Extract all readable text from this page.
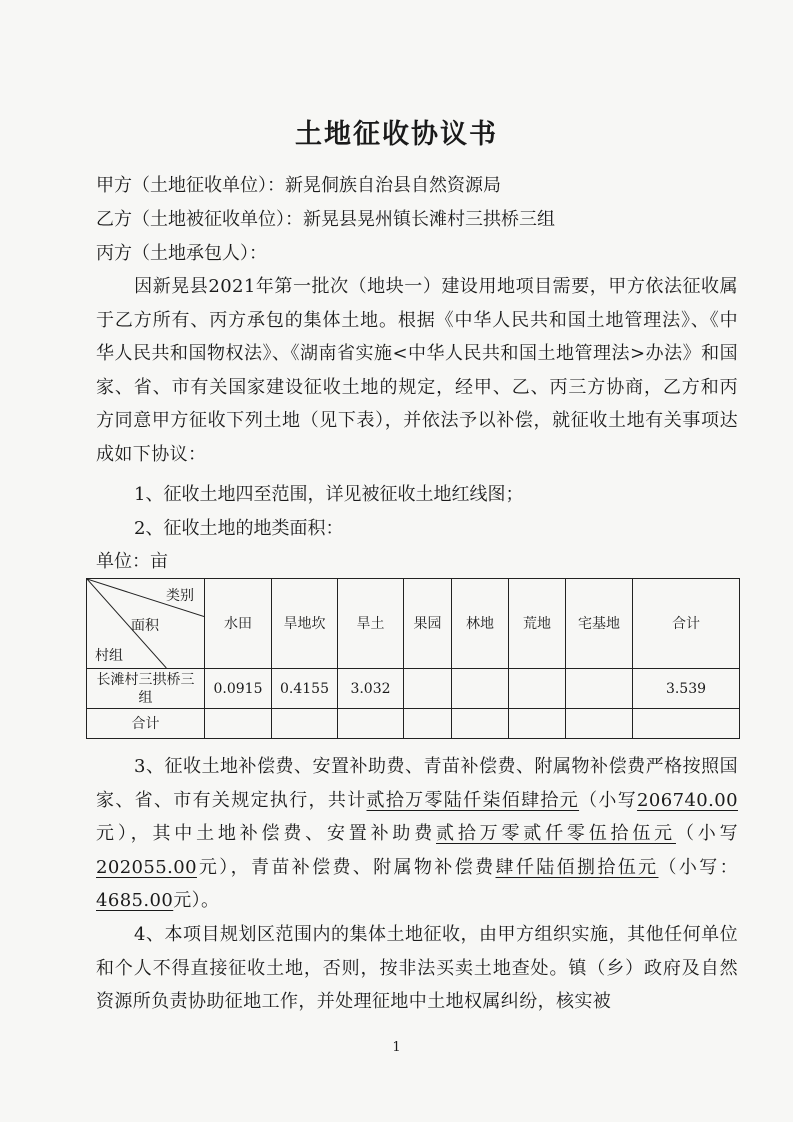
土地征收协议书
甲方（土地征收单位）：新晃侗族自治县自然资源局
乙方（土地被征收单位）：新晃县晃州镇长滩村三拱桥三组
丙方（土地承包人）：
因新晃县2021年第一批次（地块一）建设用地项目需要，甲方依法征收属于乙方所有、丙方承包的集体土地。根据《中华人民共和国土地管理法》、《中华人民共和国物权法》、《湖南省实施<中华人民共和国土地管理法>办法》和国家、省、市有关国家建设征收土地的规定，经甲、乙、丙三方协商，乙方和丙方同意甲方征收下列土地（见下表），并依法予以补偿，就征收土地有关事项达成如下协议：
1、征收土地四至范围，详见被征收土地红线图；
2、征收土地的地类面积：
单位：亩
类别
面积
村组	水田	旱地坎	旱土	果园	林地	荒地	宅基地	合计
长滩村三拱桥三组	0.0915	0.4155	3.032					3.539
合计								
3、征收土地补偿费、安置补助费、青苗补偿费、附属物补偿费严格按照国家、省、市有关规定执行，共计贰拾万零陆仟柒佰肆拾元（小写206740.00元），其中土地补偿费、安置补助费贰拾万零贰仟零伍拾伍元（小写202055.00元），青苗补偿费、附属物补偿费肆仟陆佰捌拾伍元（小写：4685.00元）。
4、本项目规划区范围内的集体土地征收，由甲方组织实施，其他任何单位和个人不得直接征收土地，否则，按非法买卖土地查处。镇（乡）政府及自然资源所负责协助征地工作，并处理征地中土地权属纠纷，核实被
1
